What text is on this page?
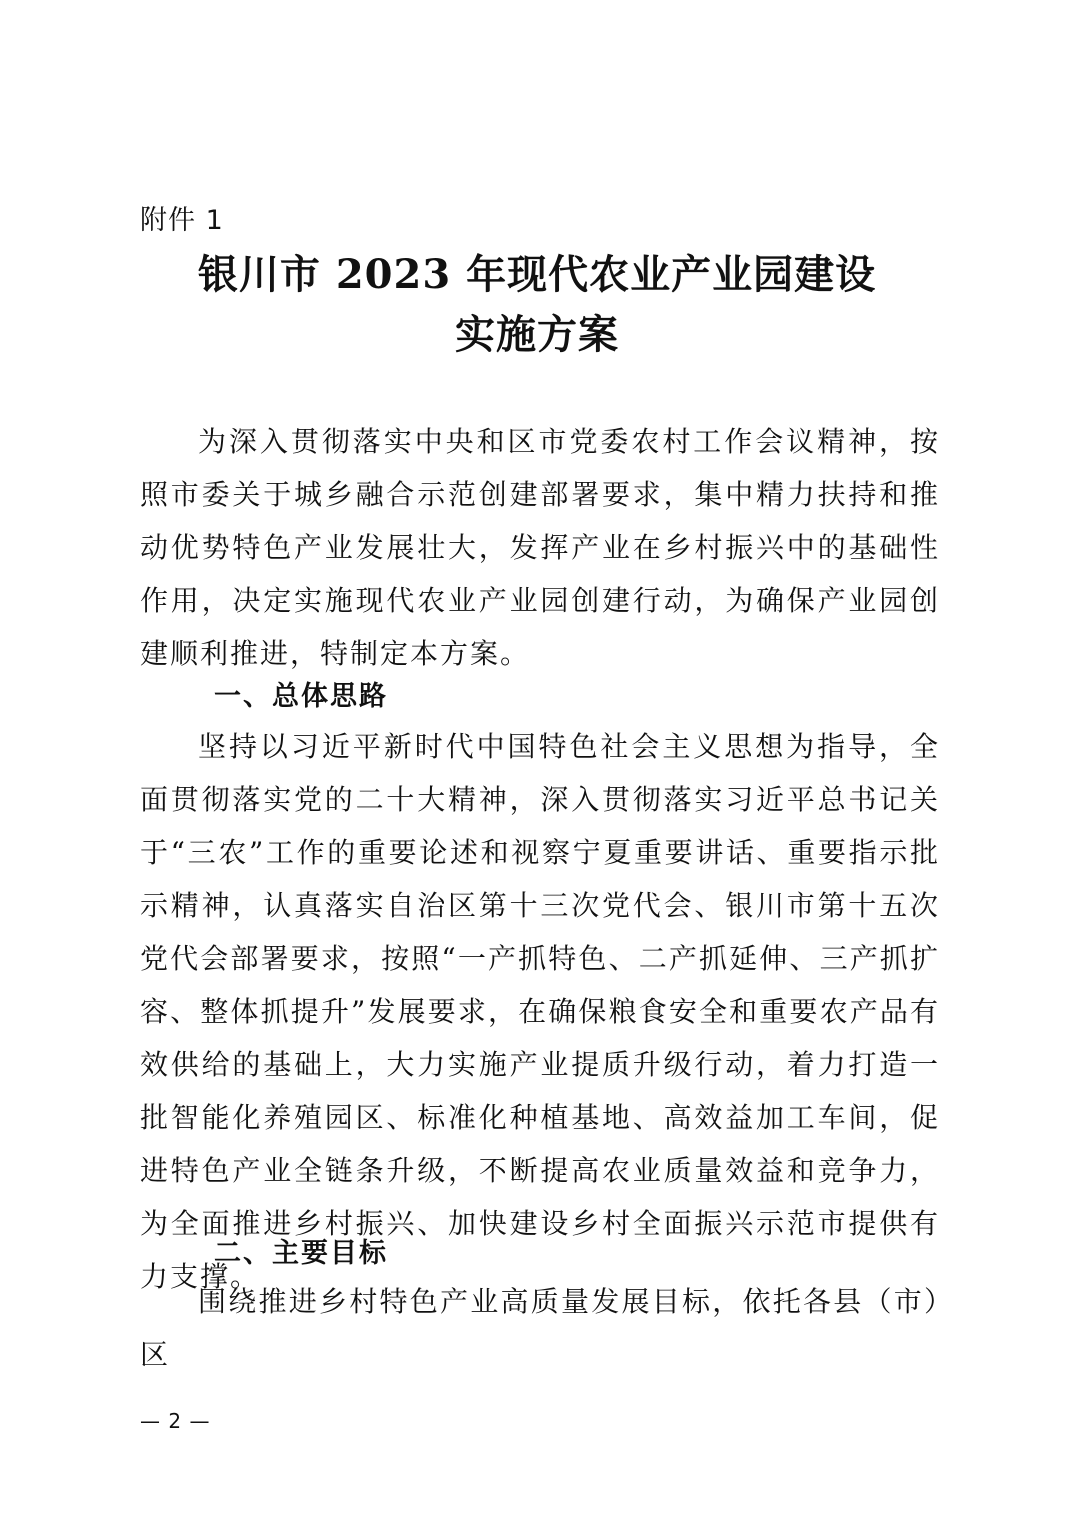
附件 1
银川市 2023 年现代农业产业园建设
实施方案

为深入贯彻落实中央和区市党委农村工作会议精神，按照市委关于城乡融合示范创建部署要求，集中精力扶持和推动优势特色产业发展壮大，发挥产业在乡村振兴中的基础性作用，决定实施现代农业产业园创建行动，为确保产业园创建顺利推进，特制定本方案。

一、总体思路

坚持以习近平新时代中国特色社会主义思想为指导，全面贯彻落实党的二十大精神，深入贯彻落实习近平总书记关于“三农”工作的重要论述和视察宁夏重要讲话、重要指示批示精神，认真落实自治区第十三次党代会、银川市第十五次党代会部署要求，按照“一产抓特色、二产抓延伸、三产抓扩容、整体抓提升”发展要求，在确保粮食安全和重要农产品有效供给的基础上，大力实施产业提质升级行动，着力打造一批智能化养殖园区、标准化种植基地、高效益加工车间，促进特色产业全链条升级，不断提高农业质量效益和竞争力，为全面推进乡村振兴、加快建设乡村全面振兴示范市提供有力支撑。

二、主要目标

围绕推进乡村特色产业高质量发展目标，依托各县（市）区

— 2 —
